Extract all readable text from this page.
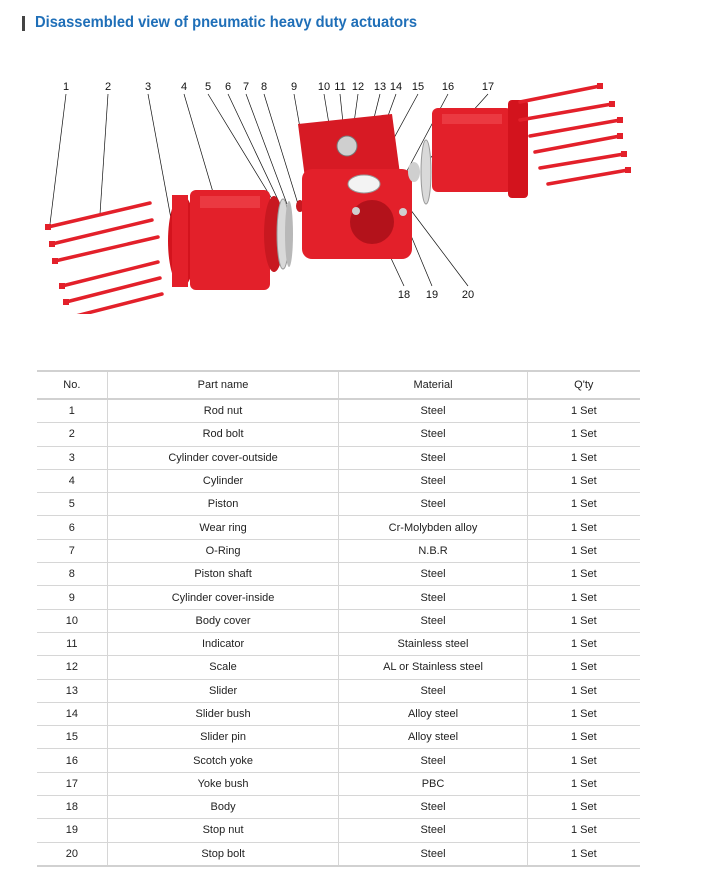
Disassembled view of pneumatic heavy duty actuators
1	2	3	4 5 6 7 8 9 10 11 12 13 14 15 16	17
18 19 20
No.	Part name	Material	Q'ty
1	Rod nut	Steel	1 Set
2	Rod bolt	Steel	1 Set
3	Cylinder cover-outside	Steel	1 Set
4	Cylinder	Steel	1 Set
5	Piston	Steel	1 Set
6	Wear ring	Cr-Molybden alloy	1 Set
7	O-Ring	N.B.R	1 Set
8	Piston shaft	Steel	1 Set
9	Cylinder cover-inside	Steel	1 Set
10	Body cover	Steel	1 Set
11	Indicator	Stainless steel	1 Set
12	Scale	AL or Stainless steel	1 Set
13	Slider	Steel	1 Set
14	Slider bush	Alloy steel	1 Set
15	Slider pin	Alloy steel	1 Set
16	Scotch yoke	Steel	1 Set
17	Yoke bush	PBC	1 Set
18	Body	Steel	1 Set
19	Stop nut	Steel	1 Set
20	Stop bolt	Steel	1 Set
